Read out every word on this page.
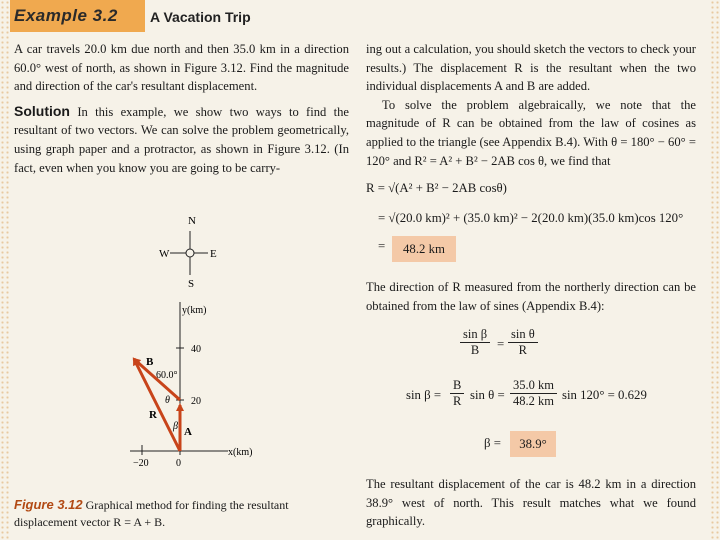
Example 3.2 A Vacation Trip

A car travels 20.0 km due north and then 35.0 km in a direction 60.0° west of north, as shown in Figure 3.12. Find the magnitude and direction of the car's resultant displacement.

Solution In this example, we show two ways to find the resultant of two vectors. We can solve the problem geometrically, using graph paper and a protractor, as shown in Figure 3.12. (In fact, even when you know you are going to be carry-

N
W	E
S
y(km)
x(km)
40
20
−20	0
B
60.0°
θ
R
β A
Figure 3.12 Graphical method for finding the resultant displacement vector R = A + B.

ing out a calculation, you should sketch the vectors to check your results.) The displacement R is the resultant when the two individual displacements A and B are added.

To solve the problem algebraically, we note that the magnitude of R can be obtained from the law of cosines as applied to the triangle (see Appendix B.4). With θ = 180° − 60° = 120° and R² = A² + B² − 2AB cos θ, we find that

R = √(A² + B² − 2AB cosθ)
= √(20.0 km)² + (35.0 km)² − 2(20.0 km)(35.0 km)cos 120°
=	48.2 km

The direction of R measured from the northerly direction can be obtained from the law of sines (Appendix B.4):

$\frac{\text{sin β}}{B} = \frac{\text{sin θ}}{R}$
$\sin \beta = \frac{B}{R}$ $\sin \theta = \frac{35.0 km}{48.2 km}$ sin 120° = 0.629
β =	38.9°

The resultant displacement of the car is 48.2 km in a direction 38.9° west of north. This result matches what we found graphically.
